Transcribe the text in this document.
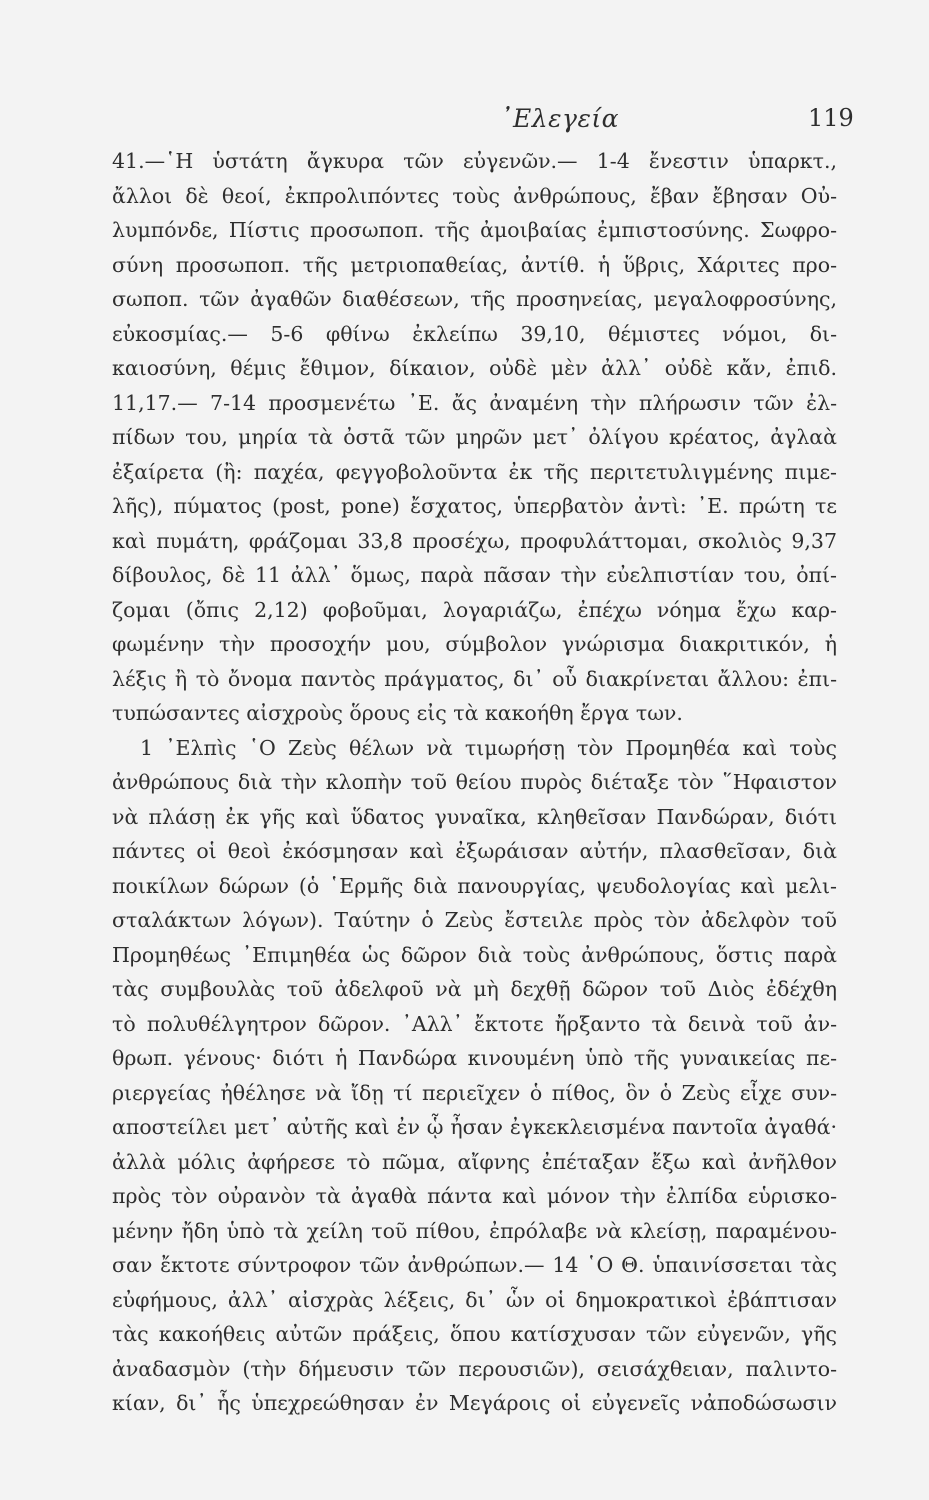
᾿Ελεγεία	119
41.—῾Η ὑστάτη ἄγκυρα τῶν εὐγενῶν.— 1-4 ἔνεστιν ὑπαρκτ.,
ἄλλοι δὲ θεοί, ἐκπρολιπόντες τοὺς ἀνθρώπους, ἔβαν ἔβησαν Οὐ-
λυμπόνδε, Πίστις προσωποπ. τῆς ἀμοιβαίας ἐμπιστοσύνης. Σωφρο-
σύνη προσωποπ. τῆς μετριοπαθείας, ἀντίθ. ἡ ὕβρις, Χάριτες προ-
σωποπ. τῶν ἀγαθῶν διαθέσεων, τῆς προσηνείας, μεγαλοφροσύνης,
εὐκοσμίας.— 5-6 φθίνω ἐκλείπω 39,10, θέμιστες νόμοι, δι-
καιοσύνη, θέμις ἔθιμον, δίκαιον, οὐδὲ μὲν ἀλλ᾿ οὐδὲ κἄν, ἐπιδ.
11,17.— 7-14 προσμενέτω ᾿Ε. ἄς ἀναμένη τὴν πλήρωσιν τῶν ἐλ-
πίδων του, μηρία τὰ ὀστᾶ τῶν μηρῶν μετ᾿ ὀλίγου κρέατος, ἀγλαὰ
ἐξαίρετα (ἢ: παχέα, φεγγοβολοῦντα ἐκ τῆς περιτετυλιγμένης πιμε-
λῆς), πύματος (post, pone) ἔσχατος, ὑπερβατὸν ἀντὶ: ᾿Ε. πρώτη τε
καὶ πυμάτη, φράζομαι 33,8 προσέχω, προφυλάττομαι, σκολιὸς 9,37
δίβουλος, δὲ 11 ἀλλ᾿ ὅμως, παρὰ πᾶσαν τὴν εὐελπιστίαν του, ὀπί-
ζομαι (ὄπις 2,12) φοβοῦμαι, λογαριάζω, ἐπέχω νόημα ἔχω καρ-
φωμένην τὴν προσοχήν μου, σύμβολον γνώρισμα διακριτικόν, ἡ
λέξις ἢ τὸ ὄνομα παντὸς πράγματος, δι᾿ οὗ διακρίνεται ἄλλου: ἐπι-
τυπώσαντες αἰσχροὺς ὅρους εἰς τὰ κακοήθη ἔργα των.
1 ᾿Ελπὶς ῾Ο Ζεὺς θέλων νὰ τιμωρήσῃ τὸν Προμηθέα καὶ τοὺς
ἀνθρώπους διὰ τὴν κλοπὴν τοῦ θείου πυρὸς διέταξε τὸν ῞Ηφαιστον
νὰ πλάσῃ ἐκ γῆς καὶ ὕδατος γυναῖκα, κληθεῖσαν Πανδώραν, διότι
πάντες οἱ θεοὶ ἐκόσμησαν καὶ ἐξωράισαν αὐτήν, πλασθεῖσαν, διὰ
ποικίλων δώρων (ὁ ῾Ερμῆς διὰ πανουργίας, ψευδολογίας καὶ μελι-
σταλάκτων λόγων). Ταύτην ὁ Ζεὺς ἔστειλε πρὸς τὸν ἀδελφὸν τοῦ
Προμηθέως ᾿Επιμηθέα ὡς δῶρον διὰ τοὺς ἀνθρώπους, ὅστις παρὰ
τὰς συμβουλὰς τοῦ ἀδελφοῦ νὰ μὴ δεχθῇ δῶρον τοῦ Διὸς ἐδέχθη
τὸ πολυθέλγητρον δῶρον. ᾿Αλλ᾿ ἔκτοτε ἤρξαντο τὰ δεινὰ τοῦ ἀν-
θρωπ. γένους· διότι ἡ Πανδώρα κινουμένη ὑπὸ τῆς γυναικείας πε-
ριεργείας ἠθέλησε νὰ ἴδῃ τί περιεῖχεν ὁ πίθος, ὃν ὁ Ζεὺς εἶχε συν-
αποστείλει μετ᾿ αὐτῆς καὶ ἐν ᾧ ἦσαν ἐγκεκλεισμένα παντοῖα ἀγαθά·
ἀλλὰ μόλις ἀφήρεσε τὸ πῶμα, αἴφνης ἐπέταξαν ἔξω καὶ ἀνῆλθον
πρὸς τὸν οὐρανὸν τὰ ἀγαθὰ πάντα καὶ μόνον τὴν ἐλπίδα εὑρισκο-
μένην ἤδη ὑπὸ τὰ χείλη τοῦ πίθου, ἐπρόλαβε νὰ κλείσῃ, παραμένου-
σαν ἔκτοτε σύντροφον τῶν ἀνθρώπων.— 14 ῾Ο Θ. ὑπαινίσσεται τὰς
εὐφήμους, ἀλλ᾿ αἰσχρὰς λέξεις, δι᾿ ὧν οἱ δημοκρατικοὶ ἐβάπτισαν
τὰς κακοήθεις αὐτῶν πράξεις, ὅπου κατίσχυσαν τῶν εὐγενῶν, γῆς
ἀναδασμὸν (τὴν δήμευσιν τῶν περουσιῶν), σεισάχθειαν, παλιντο-
κίαν, δι᾿ ἧς ὑπεχρεώθησαν ἐν Μεγάροις οἱ εὐγενεῖς νἀποδώσωσιν
